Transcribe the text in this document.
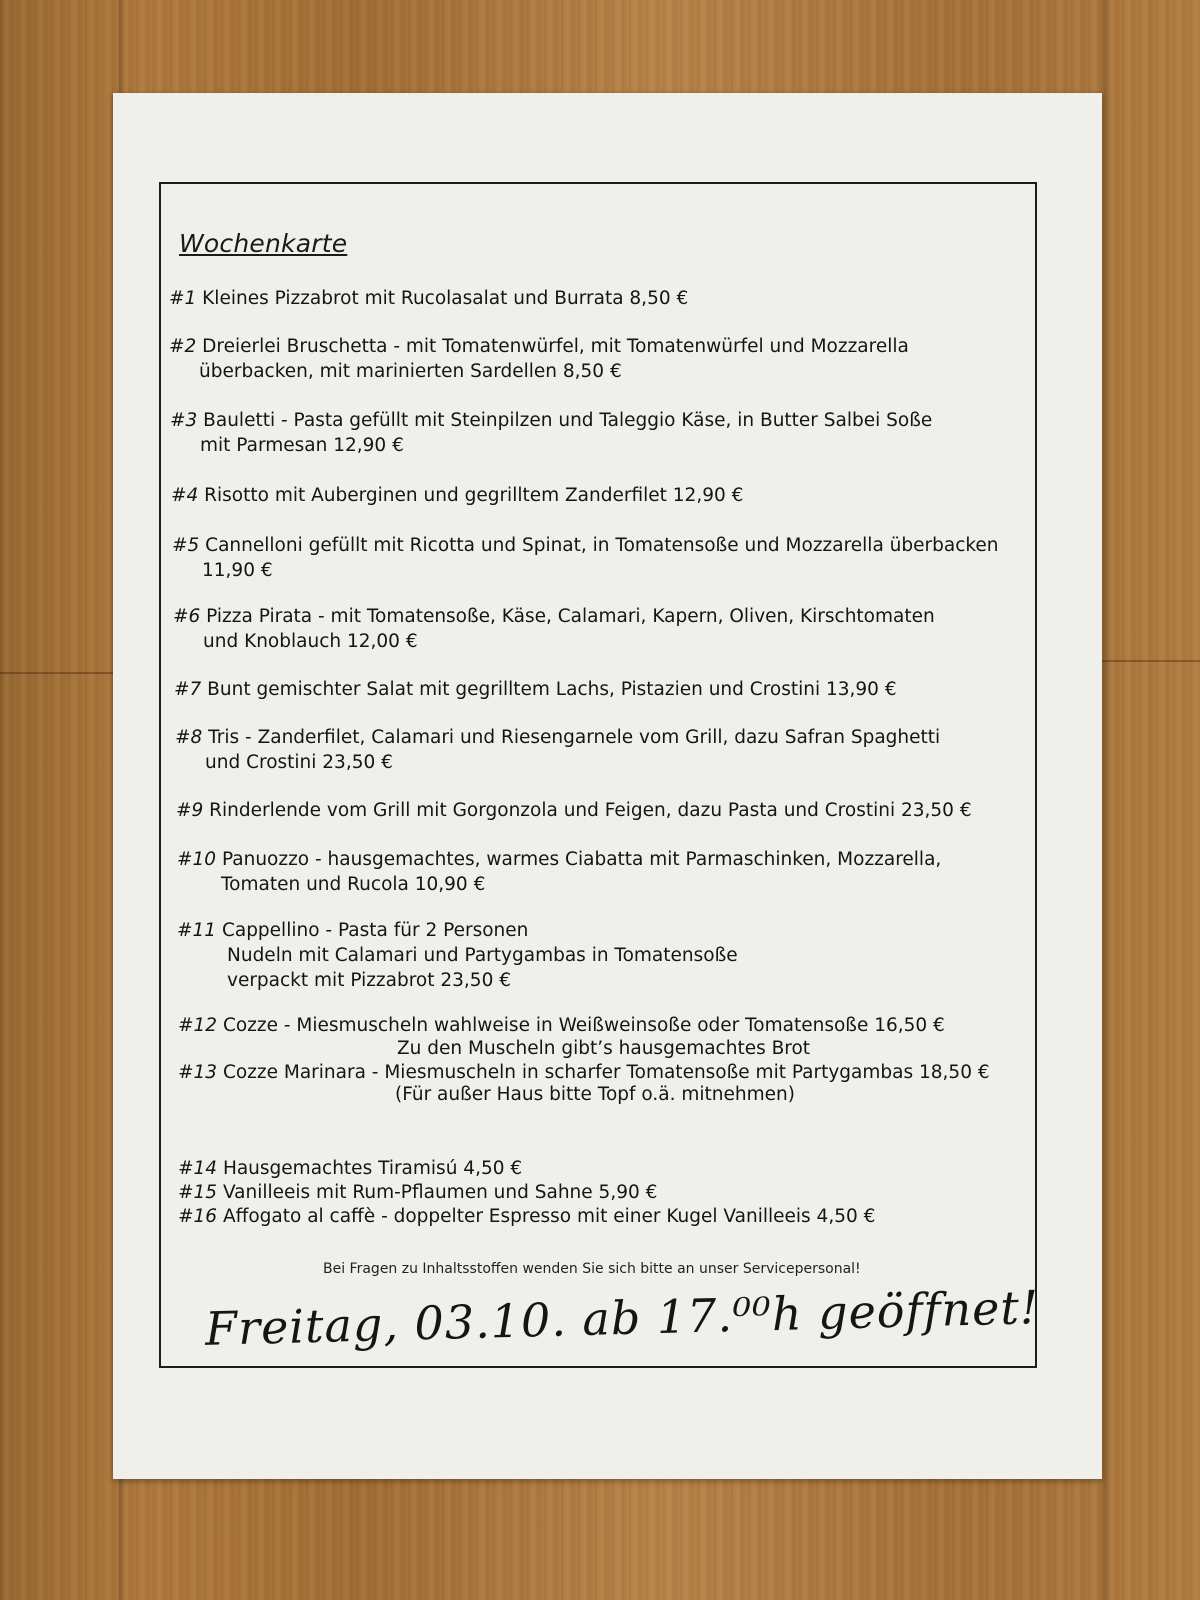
Wochenkarte
#1 Kleines Pizzabrot mit Rucolasalat und Burrata 8,50 €
#2 Dreierlei Bruschetta - mit Tomatenwürfel, mit Tomatenwürfel und Mozzarella
überbacken, mit marinierten Sardellen 8,50 €
#3 Bauletti - Pasta gefüllt mit Steinpilzen und Taleggio Käse, in Butter Salbei Soße
mit Parmesan 12,90 €
#4 Risotto mit Auberginen und gegrilltem Zanderfilet 12,90 €
#5 Cannelloni gefüllt mit Ricotta und Spinat, in Tomatensoße und Mozzarella überbacken
11,90 €
#6 Pizza Pirata - mit Tomatensoße, Käse, Calamari, Kapern, Oliven, Kirschtomaten
und Knoblauch 12,00 €
#7 Bunt gemischter Salat mit gegrilltem Lachs, Pistazien und Crostini 13,90 €
#8 Tris - Zanderfilet, Calamari und Riesengarnele vom Grill, dazu Safran Spaghetti
und Crostini 23,50 €
#9 Rinderlende vom Grill mit Gorgonzola und Feigen, dazu Pasta und Crostini 23,50 €
#10 Panuozzo - hausgemachtes, warmes Ciabatta mit Parmaschinken, Mozzarella,
Tomaten und Rucola 10,90 €
#11 Cappellino - Pasta für 2 Personen
Nudeln mit Calamari und Partygambas in Tomatensoße
verpackt mit Pizzabrot 23,50 €
#12 Cozze - Miesmuscheln wahlweise in Weißweinsoße oder Tomatensoße 16,50 €
Zu den Muscheln gibt’s hausgemachtes Brot
#13 Cozze Marinara - Miesmuscheln in scharfer Tomatensoße mit Partygambas 18,50 €
(Für außer Haus bitte Topf o.ä. mitnehmen)
#14 Hausgemachtes Tiramisú 4,50 €
#15 Vanilleeis mit Rum-Pflaumen und Sahne 5,90 €
#16 Affogato al caffè - doppelter Espresso mit einer Kugel Vanilleeis 4,50 €
Bei Fragen zu Inhaltsstoffen wenden Sie sich bitte an unser Servicepersonal!
Freitag, 03.10. ab 17.⁰⁰h geöffnet!
